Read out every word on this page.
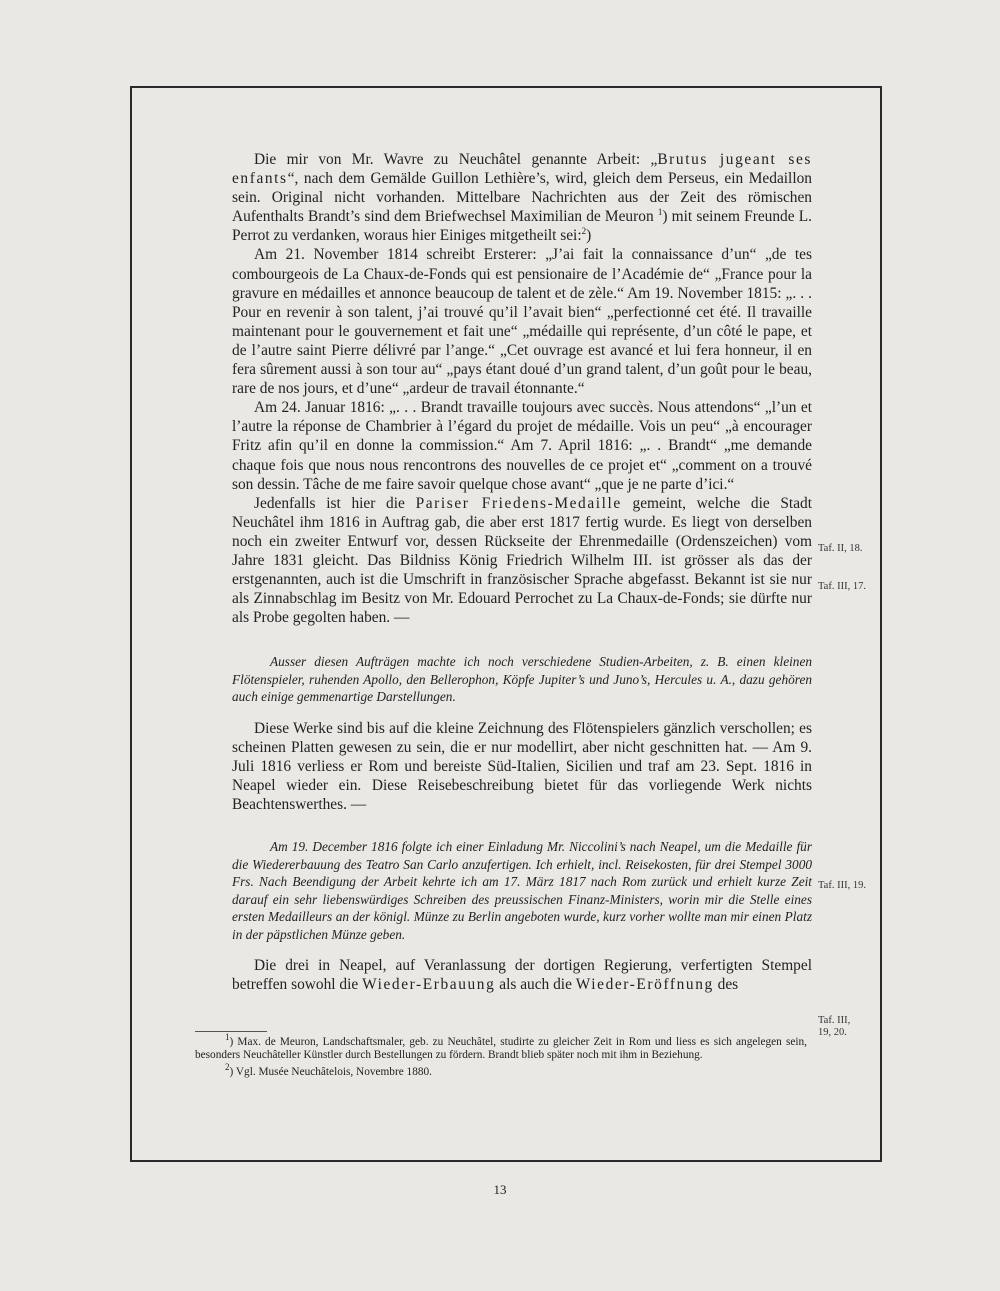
Die mir von Mr. Wavre zu Neuchâtel genannte Arbeit: „Brutus jugeant ses enfants“, nach dem Gemälde Guillon Lethière’s, wird, gleich dem Perseus, ein Medaillon sein. Original nicht vorhanden. Mittelbare Nachrichten aus der Zeit des römischen Aufenthalts Brandt’s sind dem Briefwechsel Maximilian de Meuron $^1$) mit seinem Freunde L. Perrot zu verdanken, woraus hier Einiges mitgetheilt sei:$^2$)

Am 21. November 1814 schreibt Ersterer: „J’ai fait la connaissance d’un“ „de tes combourgeois de La Chaux-de-Fonds qui est pensionaire de l’Académie de“ „France pour la gravure en médailles et annonce beaucoup de talent et de zèle.“ Am 19. November 1815: „. . . Pour en revenir à son talent, j’ai trouvé qu’il l’avait bien“ „perfectionné cet été. Il travaille maintenant pour le gouvernement et fait une“ „médaille qui représente, d’un côté le pape, et de l’autre saint Pierre délivré par l’ange.“ „Cet ouvrage est avancé et lui fera honneur, il en fera sûrement aussi à son tour au“ „pays étant doué d’un grand talent, d’un goût pour le beau, rare de nos jours, et d’une“ „ardeur de travail étonnante.“

Am 24. Januar 1816: „. . . Brandt travaille toujours avec succès. Nous attendons“ „l’un et l’autre la réponse de Chambrier à l’égard du projet de médaille. Vois un peu“ „à encourager Fritz afin qu’il en donne la commission.“ Am 7. April 1816: „. . Brandt“ „me demande chaque fois que nous nous rencontrons des nouvelles de ce projet et“ „comment on a trouvé son dessin. Tâche de me faire savoir quelque chose avant“ „que je ne parte d’ici.“

Jedenfalls ist hier die Pariser Friedens-Medaille gemeint, welche die Stadt Neuchâtel ihm 1816 in Auftrag gab, die aber erst 1817 fertig wurde. Es liegt von derselben noch ein zweiter Entwurf vor, dessen Rückseite der Ehrenmedaille (Ordenszeichen) vom Jahre 1831 gleicht. Das Bildniss König Friedrich Wilhelm III. ist grösser als das der erstgenannten, auch ist die Umschrift in französischer Sprache abgefasst. Bekannt ist sie nur als Zinnabschlag im Besitz von Mr. Edouard Perrochet zu La Chaux-de-Fonds; sie dürfte nur als Probe gegolten haben. —

Ausser diesen Aufträgen machte ich noch verschiedene Studien-Arbeiten, z. B. einen kleinen Flötenspieler, ruhenden Apollo, den Bellerophon, Köpfe Jupiter’s und Juno’s, Hercules u. A., dazu gehören auch einige gemmenartige Darstellungen.

Diese Werke sind bis auf die kleine Zeichnung des Flötenspielers gänzlich verschollen; es scheinen Platten gewesen zu sein, die er nur modellirt, aber nicht geschnitten hat. — Am 9. Juli 1816 verliess er Rom und bereiste Süd-Italien, Sicilien und traf am 23. Sept. 1816 in Neapel wieder ein. Diese Reisebeschreibung bietet für das vorliegende Werk nichts Beachtenswerthes. —

Am 19. December 1816 folgte ich einer Einladung Mr. Niccolini’s nach Neapel, um die Medaille für die Wiedererbauung des Teatro San Carlo anzufertigen. Ich erhielt, incl. Reisekosten, für drei Stempel 3000 Frs. Nach Beendigung der Arbeit kehrte ich am 17. März 1817 nach Rom zurück und erhielt kurze Zeit darauf ein sehr liebenswürdiges Schreiben des preussischen Finanz-Ministers, worin mir die Stelle eines ersten Medailleurs an der königl. Münze zu Berlin angeboten wurde, kurz vorher wollte man mir einen Platz in der päpstlichen Münze geben.

Die drei in Neapel, auf Veranlassung der dortigen Regierung, verfertigten Stempel betreffen sowohl die Wieder-Erbauung als auch die Wieder-Eröffnung des

Taf. II, 18.
Taf. III, 17.
Taf. III, 19.
Taf. III,
19, 20.

$^1$) Max. de Meuron, Landschaftsmaler, geb. zu Neuchâtel, studirte zu gleicher Zeit in Rom und liess es sich angelegen sein, besonders Neuchâteller Künstler durch Bestellungen zu fördern. Brandt blieb später noch mit ihm in Beziehung.

$^2$) Vgl. Musée Neuchâtelois, Novembre 1880.

13
